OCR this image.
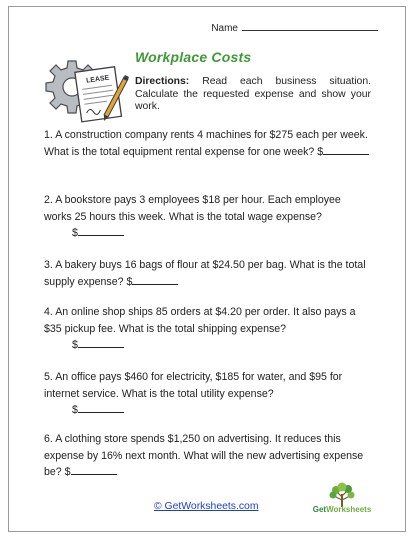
Name
Workplace Costs
LEASE Directions: Read each business situation. Calculate the requested expense and show your work.
1. A construction company rents 4 machines for $275 each per week. What is the total equipment rental expense for one week? $
2. A bookstore pays 3 employees $18 per hour. Each employee works 25 hours this week. What is the total wage expense?
$
3. A bakery buys 16 bags of flour at $24.50 per bag. What is the total supply expense? $
4. An online shop ships 85 orders at $4.20 per order. It also pays a $35 pickup fee. What is the total shipping expense?
$
5. An office pays $460 for electricity, $185 for water, and $95 for internet service. What is the total utility expense?
$
6. A clothing store spends $1,250 on advertising. It reduces this expense by 16% next month. What will the new advertising expense be? $
© GetWorksheets.com	GetWorksheets
